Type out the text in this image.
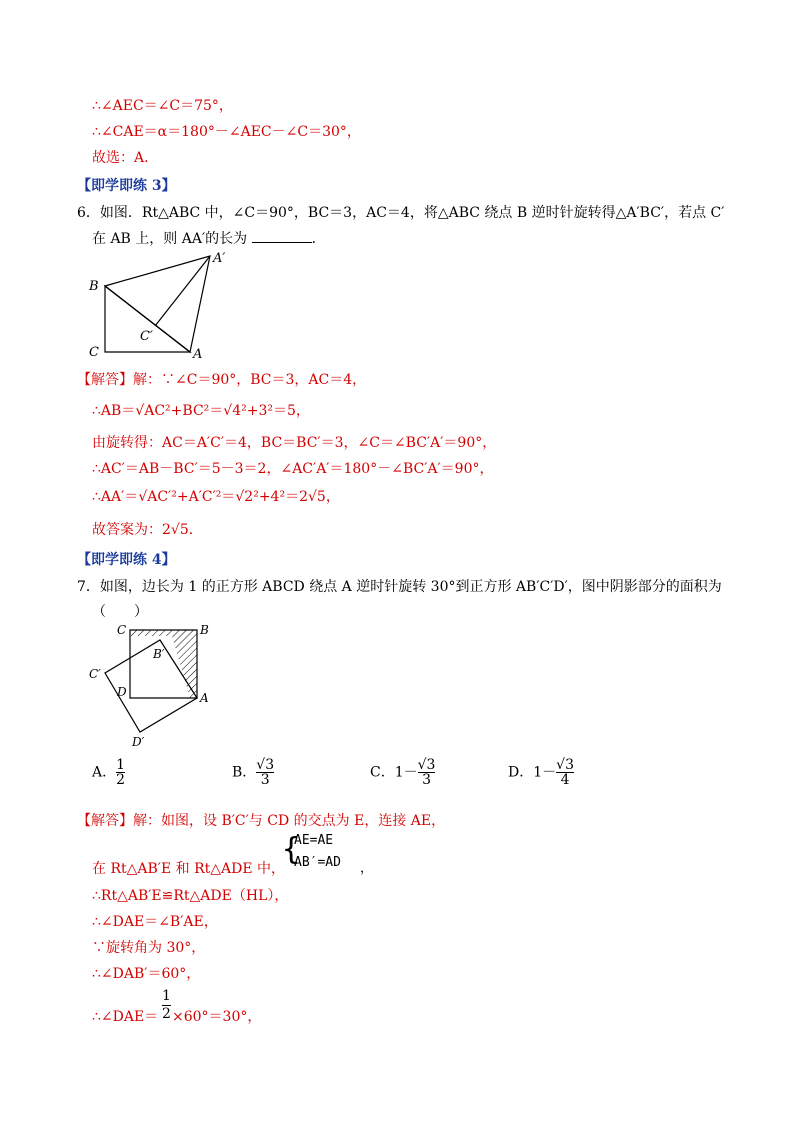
∴∠AEC＝∠C＝75°，
∴∠CAE＝α＝180°－∠AEC－∠C＝30°，
故选：A．
【即学即练 3】
6．如图．Rt△ABC 中，∠C＝90°，BC＝3，AC＝4，将△ABC 绕点 B 逆时针旋转得△A′BC′，若点 C′
在 AB 上，则 AA′的长为	．
B
C	A
A′
C′
【解答】解：∵∠C＝90°，BC＝3，AC＝4，
∴AB＝√AC²+BC²＝√4²+3²＝5，
由旋转得：AC＝A′C′＝4，BC＝BC′＝3，∠C＝∠BC′A′＝90°，
∴AC′＝AB－BC′＝5－3＝2，∠AC′A′＝180°－∠BC′A′＝90°，
∴AA′＝√AC′²+A′C′²＝√2²+4²＝2√5，
故答案为：2√5．
【即学即练 4】
7．如图，边长为 1 的正方形 ABCD 绕点 A 逆时针旋转 30°到正方形 AB′C′D′，图中阴影部分的面积为
（　　）
C	B
B′
C′
D	A
D′
A． $\frac{1}{2}$	B． $\frac{√3}{3}$	C．$1- \frac{√3}{3}$	D．$1- \frac{√3}{4}$
【解答】解：如图，设 B′C′与 CD 的交点为 E，连接 AE，
在 Rt△AB′E 和 Rt△ADE 中，
{
AE=AE
AB′=AD ，
∴Rt△AB′E≌Rt△ADE（HL），
∴∠DAE＝∠B′AE，
∵旋转角为 30°，
∴∠DAB′＝60°，
∴∠DAE＝
1
2 ×60°＝30°，
